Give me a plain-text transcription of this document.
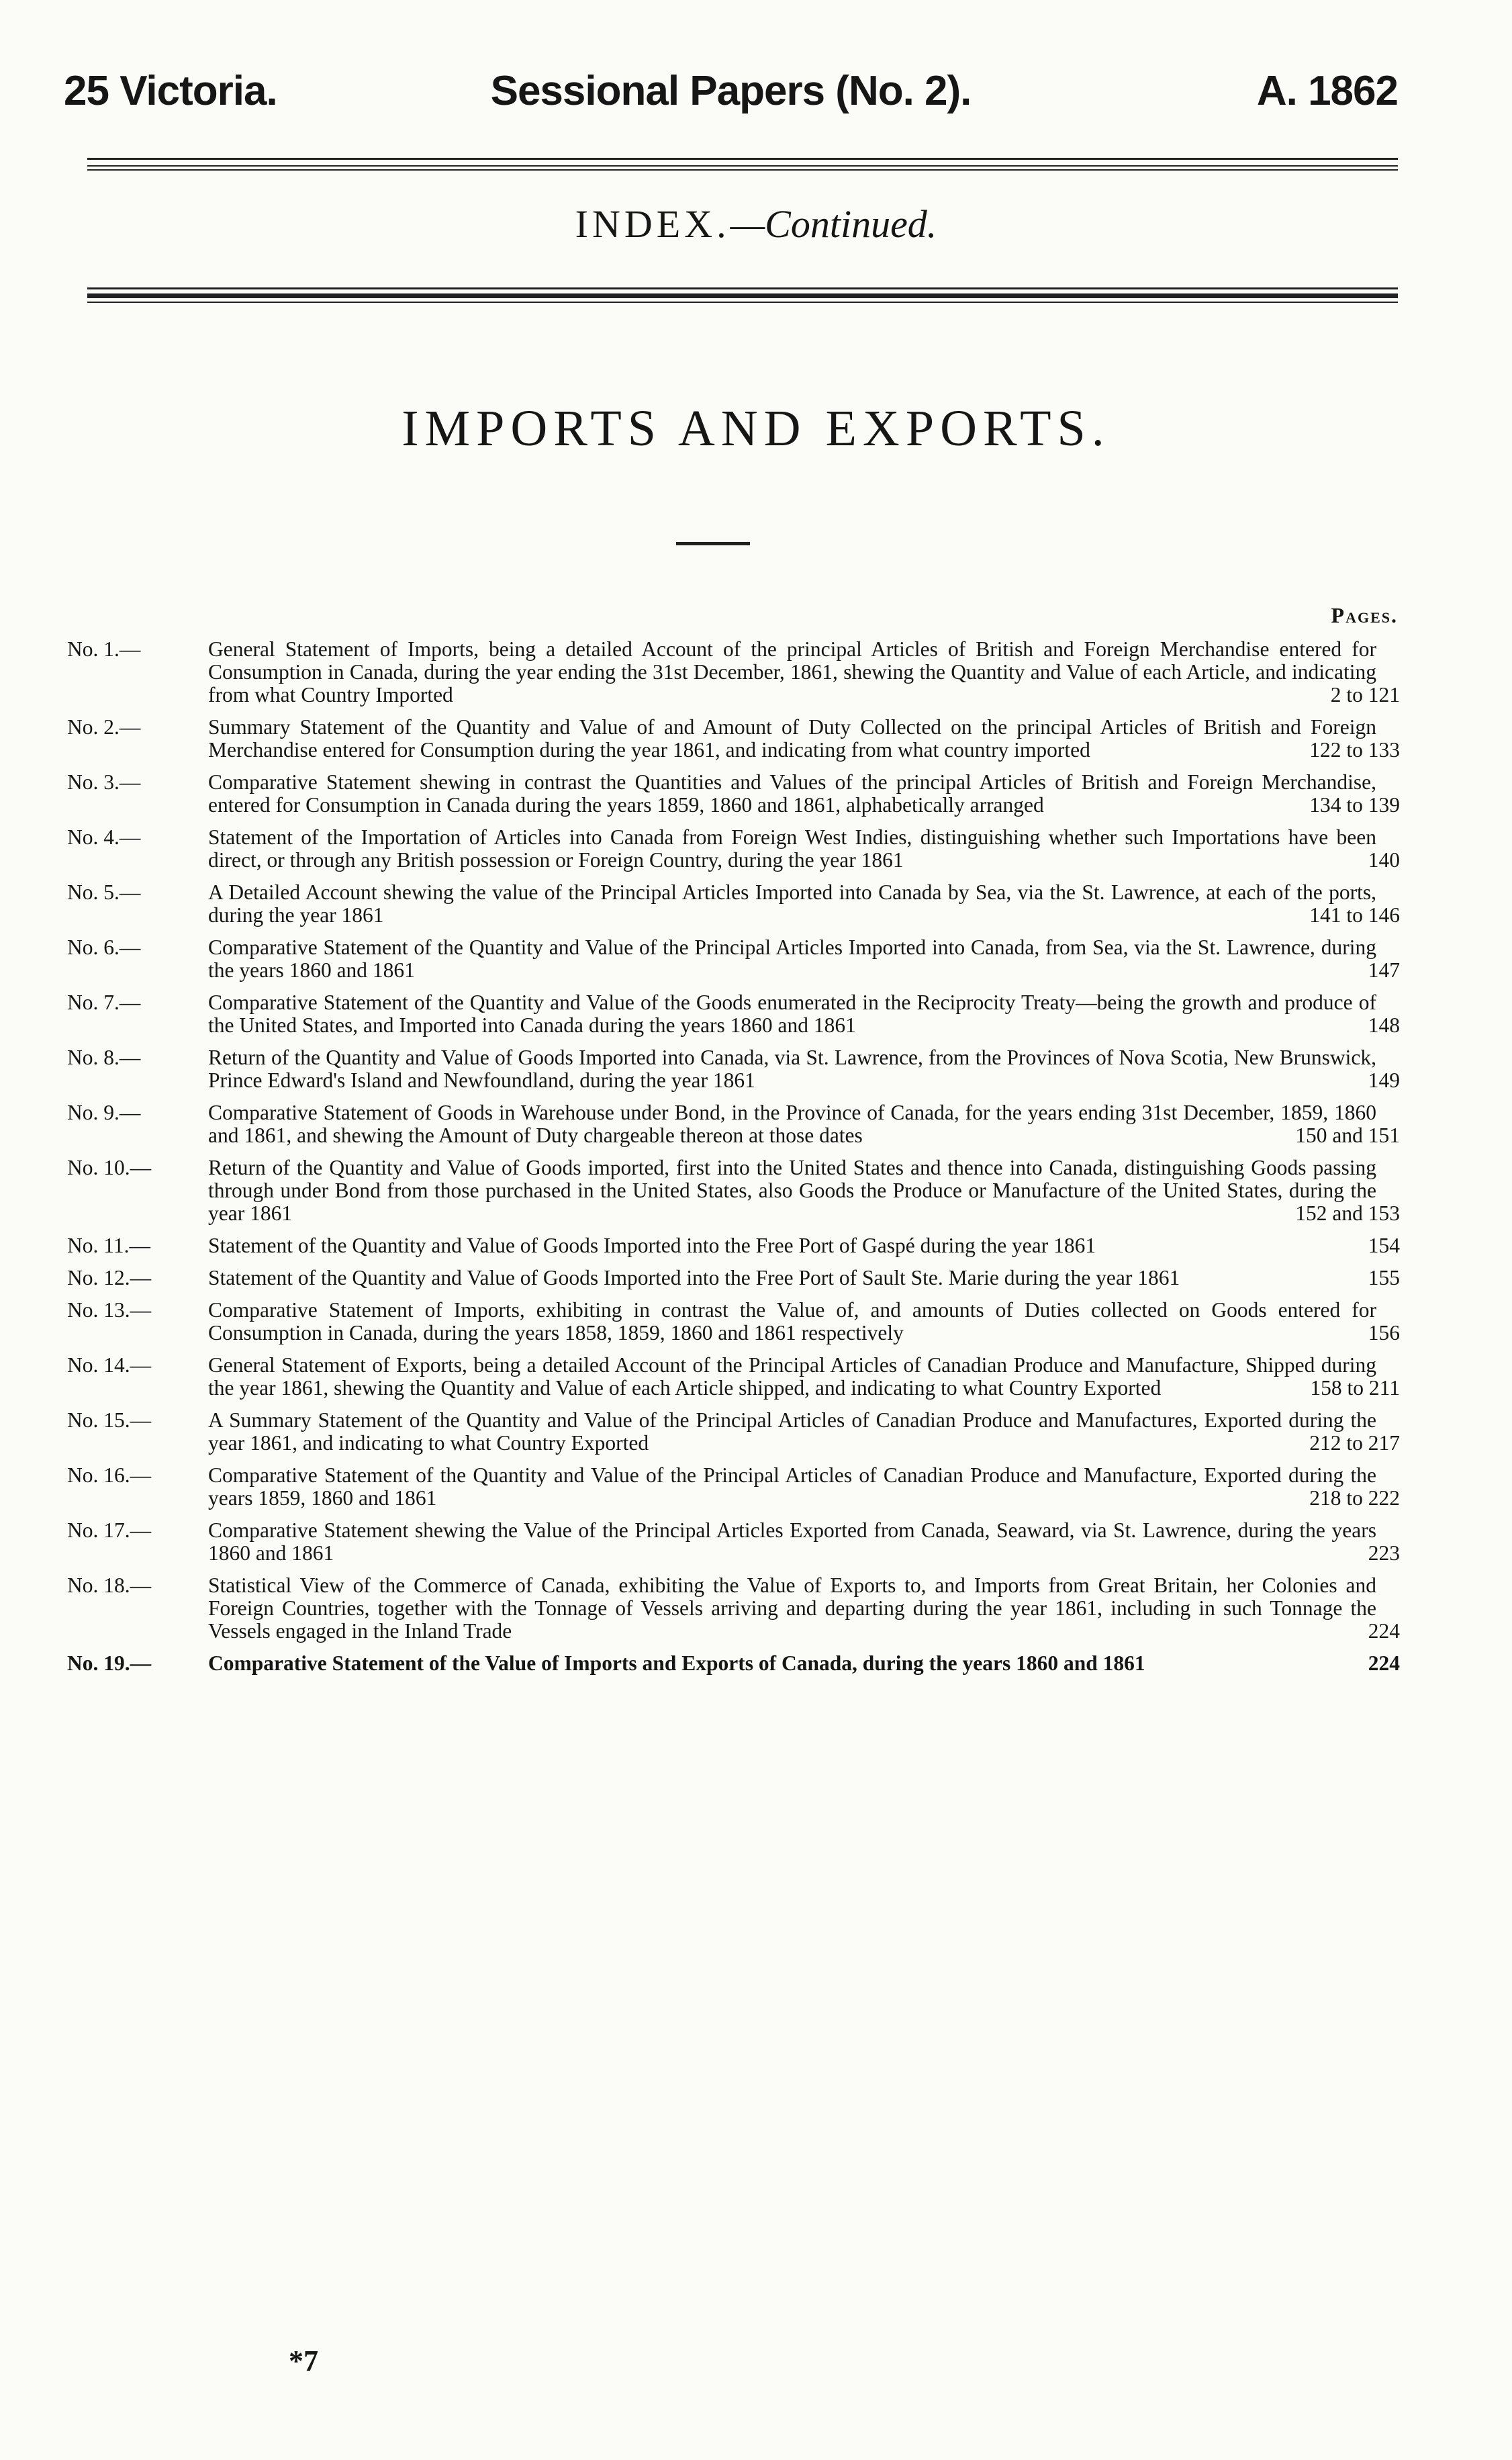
25 Victoria.	Sessional Papers (No. 2).	A. 1862
INDEX.—Continued.
IMPORTS AND EXPORTS.
Pages.
No. 1.—	General Statement of Imports, being a detailed Account of the principal Articles of British and Foreign Merchandise entered for Consumption in Canada, during the year ending the 31st December, 1861, shewing the Quantity and Value of each Article, and indicating from what Country Imported	2 to 121
No. 2.—	Summary Statement of the Quantity and Value of and Amount of Duty Collected on the principal Articles of British and Foreign Merchandise entered for Consumption during the year 1861, and indicating from what country imported	122 to 133
No. 3.—	Comparative Statement shewing in contrast the Quantities and Values of the principal Articles of British and Foreign Merchandise, entered for Consumption in Canada during the years 1859, 1860 and 1861, alphabetically arranged	134 to 139
No. 4.—	Statement of the Importation of Articles into Canada from Foreign West Indies, distinguishing whether such Importations have been direct, or through any British possession or Foreign Country, during the year 1861	140
No. 5.—	A Detailed Account shewing the value of the Principal Articles Imported into Canada by Sea, via the St. Lawrence, at each of the ports, during the year 1861	141 to 146
No. 6.—	Comparative Statement of the Quantity and Value of the Principal Articles Imported into Canada, from Sea, via the St. Lawrence, during the years 1860 and 1861	147
No. 7.—	Comparative Statement of the Quantity and Value of the Goods enumerated in the Reciprocity Treaty—being the growth and produce of the United States, and Imported into Canada during the years 1860 and 1861	148
No. 8.—	Return of the Quantity and Value of Goods Imported into Canada, via St. Lawrence, from the Provinces of Nova Scotia, New Brunswick, Prince Edward's Island and Newfoundland, during the year 1861	149
No. 9.—	Comparative Statement of Goods in Warehouse under Bond, in the Province of Canada, for the years ending 31st December, 1859, 1860 and 1861, and shewing the Amount of Duty chargeable thereon at those dates	150 and 151
No. 10.—	Return of the Quantity and Value of Goods imported, first into the United States and thence into Canada, distinguishing Goods passing through under Bond from those purchased in the United States, also Goods the Produce or Manufacture of the United States, during the year 1861	152 and 153
No. 11.—	Statement of the Quantity and Value of Goods Imported into the Free Port of Gaspé during the year 1861	154
No. 12.—	Statement of the Quantity and Value of Goods Imported into the Free Port of Sault Ste. Marie during the year 1861	155
No. 13.—	Comparative Statement of Imports, exhibiting in contrast the Value of, and amounts of Duties collected on Goods entered for Consumption in Canada, during the years 1858, 1859, 1860 and 1861 respectively	156
No. 14.—	General Statement of Exports, being a detailed Account of the Principal Articles of Canadian Produce and Manufacture, Shipped during the year 1861, shewing the Quantity and Value of each Article shipped, and indicating to what Country Exported	158 to 211
No. 15.—	A Summary Statement of the Quantity and Value of the Principal Articles of Canadian Produce and Manufactures, Exported during the year 1861, and indicating to what Country Exported	212 to 217
No. 16.—	Comparative Statement of the Quantity and Value of the Principal Articles of Canadian Produce and Manufacture, Exported during the years 1859, 1860 and 1861	218 to 222
No. 17.—	Comparative Statement shewing the Value of the Principal Articles Exported from Canada, Seaward, via St. Lawrence, during the years 1860 and 1861	223
No. 18.—	Statistical View of the Commerce of Canada, exhibiting the Value of Exports to, and Imports from Great Britain, her Colonies and Foreign Countries, together with the Tonnage of Vessels arriving and departing during the year 1861, including in such Tonnage the Vessels engaged in the Inland Trade	224
No. 19.—	Comparative Statement of the Value of Imports and Exports of Canada, during the years 1860 and 1861	224
*7
